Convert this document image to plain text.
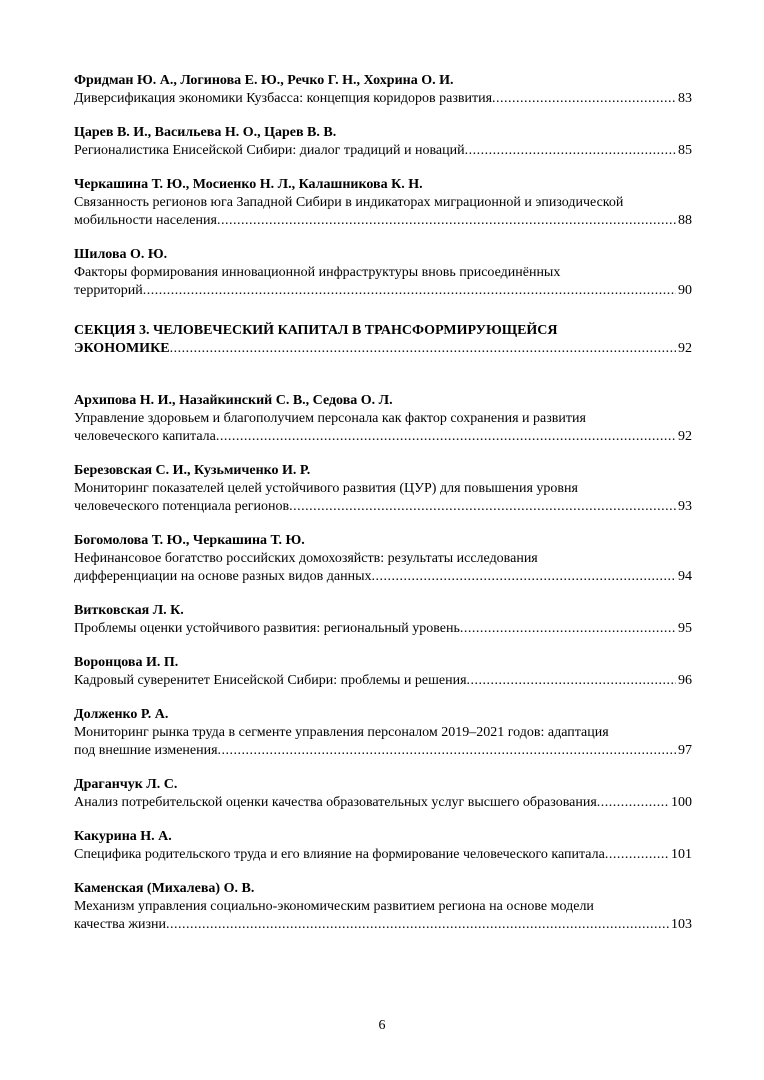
Фридман Ю. А., Логинова Е. Ю., Речко Г. Н., Хохрина О. И.
Диверсификация экономики Кузбасса: концепция коридоров развития .....	83
Царев В. И., Васильева Н. О., Царев В. В.
Регионалистика Енисейской Сибири: диалог традиций и новаций .....	85
Черкашина Т. Ю., Мосиенко Н. Л., Калашникова К. Н.
Связанность регионов юга Западной Сибири в индикаторах миграционной и эпизодической
мобильности населения .....	88
Шилова О. Ю.
Факторы формирования инновационной инфраструктуры вновь присоединённых
территорий .....	90
СЕКЦИЯ 3. ЧЕЛОВЕЧЕСКИЙ КАПИТАЛ В ТРАНСФОРМИРУЮЩЕЙСЯ
ЭКОНОМИКЕ .....	92
Архипова Н. И., Назайкинский С. В., Седова О. Л.
Управление здоровьем и благополучием персонала как фактор сохранения и развития
человеческого капитала .....	92
Березовская С. И., Кузьмиченко И. Р.
Мониторинг показателей целей устойчивого развития (ЦУР) для повышения уровня
человеческого потенциала регионов .....	93
Богомолова Т. Ю., Черкашина Т. Ю.
Нефинансовое богатство российских домохозяйств: результаты исследования
дифференциации на основе разных видов данных .....	94
Витковская Л. К.
Проблемы оценки устойчивого развития: региональный уровень .....	95
Воронцова И. П.
Кадровый суверенитет Енисейской Сибири: проблемы и решения .....	96
Долженко Р. А.
Мониторинг рынка труда в сегменте управления персоналом 2019–2021 годов: адаптация
под внешние изменения .....	97
Драганчук Л. С.
Анализ потребительской оценки качества образовательных услуг высшего образования .....	100
Какурина Н. А.
Специфика родительского труда и его влияние на формирование человеческого капитала .....	101
Каменская (Михалева) О. В.
Механизм управления социально-экономическим развитием региона на основе модели
качества жизни .....	103
6
